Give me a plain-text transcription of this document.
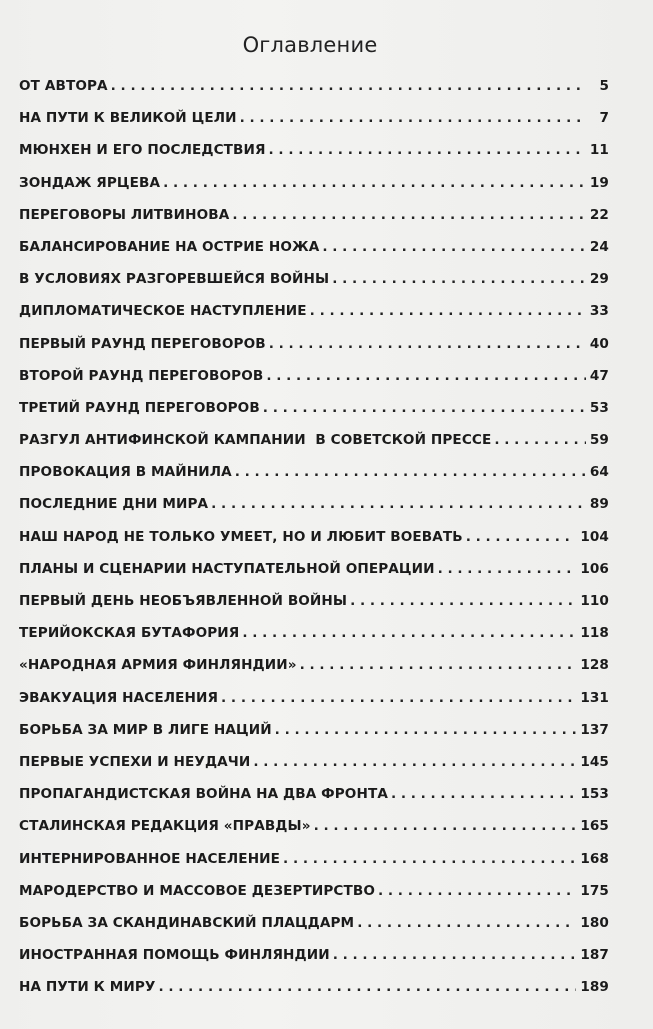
Оглавление
ОТ АВТОРА . . .	5
НА ПУТИ К ВЕЛИКОЙ ЦЕЛИ . . .	7
МЮНХЕН И ЕГО ПОСЛЕДСТВИЯ . . .	11
ЗОНДАЖ ЯРЦЕВА . . .	19
ПЕРЕГОВОРЫ ЛИТВИНОВА . . .	22
БАЛАНСИРОВАНИЕ НА ОСТРИЕ НОЖА . . .	24
В УСЛОВИЯХ РАЗГОРЕВШЕЙСЯ ВОЙНЫ . . .	29
ДИПЛОМАТИЧЕСКОЕ НАСТУПЛЕНИЕ . . .	33
ПЕРВЫЙ РАУНД ПЕРЕГОВОРОВ . . .	40
ВТОРОЙ РАУНД ПЕРЕГОВОРОВ . . .	47
ТРЕТИЙ РАУНД ПЕРЕГОВОРОВ . . .	53
РАЗГУЛ АНТИФИНСКОЙ КАМПАНИИ  В СОВЕТСКОЙ ПРЕССЕ . . .	59
ПРОВОКАЦИЯ В МАЙНИЛА . . .	64
ПОСЛЕДНИЕ ДНИ МИРА . . .	89
НАШ НАРОД НЕ ТОЛЬКО УМЕЕТ, НО И ЛЮБИТ ВОЕВАТЬ . . .	104
ПЛАНЫ И СЦЕНАРИИ НАСТУПАТЕЛЬНОЙ ОПЕРАЦИИ . . .	106
ПЕРВЫЙ ДЕНЬ НЕОБЪЯВЛЕННОЙ ВОЙНЫ . . .	110
ТЕРИЙОКСКАЯ БУТАФОРИЯ . . .	118
«НАРОДНАЯ АРМИЯ ФИНЛЯНДИИ» . . .	128
ЭВАКУАЦИЯ НАСЕЛЕНИЯ . . .	131
БОРЬБА ЗА МИР В ЛИГЕ НАЦИЙ . . .	137
ПЕРВЫЕ УСПЕХИ И НЕУДАЧИ . . .	145
ПРОПАГАНДИСТСКАЯ ВОЙНА НА ДВА ФРОНТА . . .	153
СТАЛИНСКАЯ РЕДАКЦИЯ «ПРАВДЫ» . . .	165
ИНТЕРНИРОВАННОЕ НАСЕЛЕНИЕ . . .	168
МАРОДЕРСТВО И МАССОВОЕ ДЕЗЕРТИРСТВО . . .	175
БОРЬБА ЗА СКАНДИНАВСКИЙ ПЛАЦДАРМ . . .	180
ИНОСТРАННАЯ ПОМОЩЬ ФИНЛЯНДИИ . . .	187
НА ПУТИ К МИРУ . . .	189
